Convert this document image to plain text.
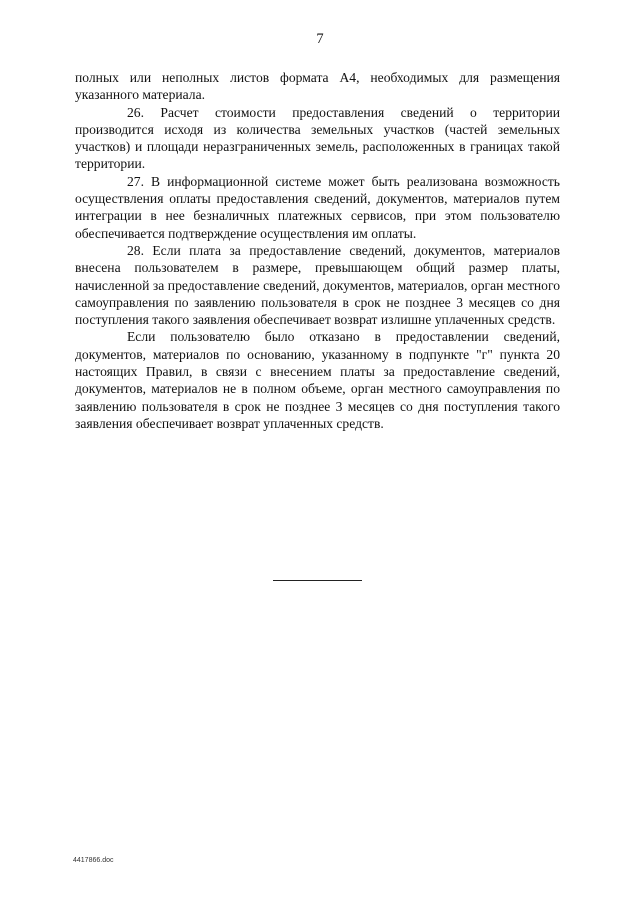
7

полных или неполных листов формата А4, необходимых для размещения указанного материала.

26. Расчет стоимости предоставления сведений о территории производится исходя из количества земельных участков (частей земельных участков) и площади неразграниченных земель, расположенных в границах такой территории.

27. В информационной системе может быть реализована возможность осуществления оплаты предоставления сведений, документов, материалов путем интеграции в нее безналичных платежных сервисов, при этом пользователю обеспечивается подтверждение осуществления им оплаты.

28. Если плата за предоставление сведений, документов, материалов внесена пользователем в размере, превышающем общий размер платы, начисленной за предоставление сведений, документов, материалов, орган местного самоуправления по заявлению пользователя в срок не позднее 3 месяцев со дня поступления такого заявления обеспечивает возврат излишне уплаченных средств.

Если пользователю было отказано в предоставлении сведений, документов, материалов по основанию, указанному в подпункте "г" пункта 20 настоящих Правил, в связи с внесением платы за предоставление сведений, документов, материалов не в полном объеме, орган местного самоуправления по заявлению пользователя в срок не позднее 3 месяцев со дня поступления такого заявления обеспечивает возврат уплаченных средств.

4417866.doc
